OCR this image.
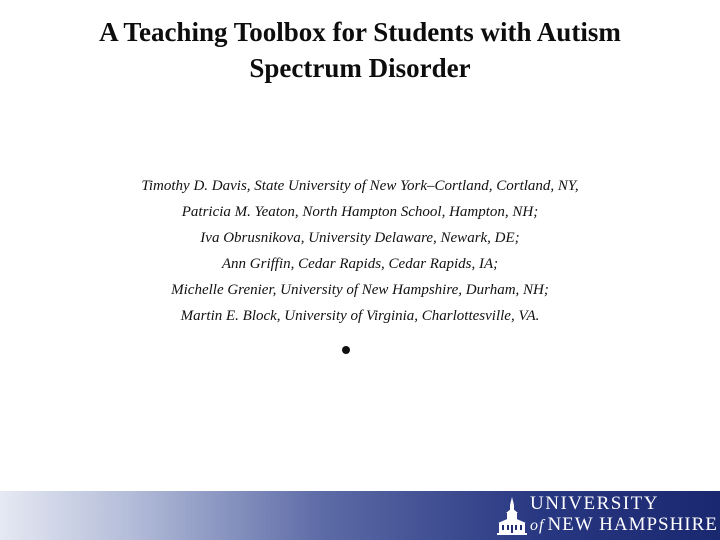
A Teaching Toolbox for Students with Autism Spectrum Disorder
Timothy D. Davis, State University of New York–Cortland, Cortland, NY,
Patricia M. Yeaton, North Hampton School, Hampton, NH;
Iva Obrusnikova, University Delaware, Newark, DE;
Ann Griffin, Cedar Rapids, Cedar Rapids, IA;
Michelle Grenier, University of New Hampshire, Durham, NH;
Martin E. Block, University of Virginia, Charlottesville, VA.
UNIVERSITY
of NEW HAMPSHIRE
